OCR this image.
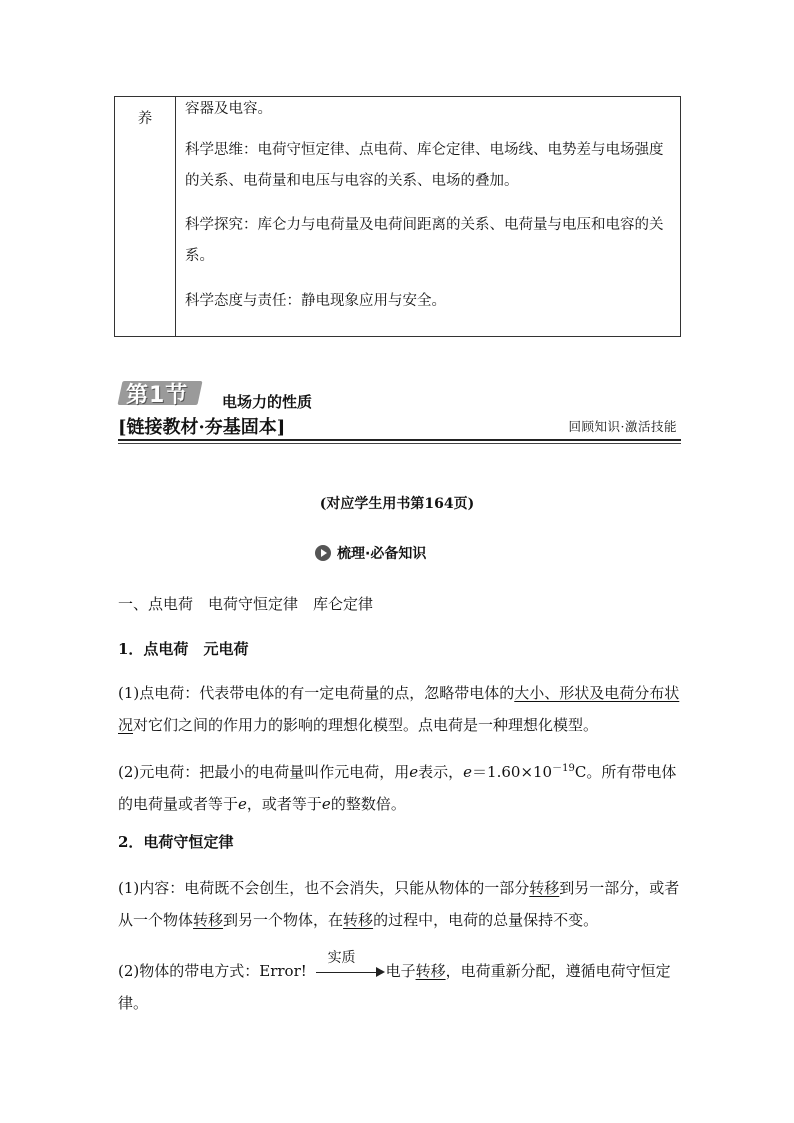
养

容器及电容。

科学思维：电荷守恒定律、点电荷、库仑定律、电场线、电势差与电场强度的关系、电荷量和电压与电容的关系、电场的叠加。

科学探究：库仑力与电荷量及电荷间距离的关系、电荷量与电压和电容的关系。

科学态度与责任：静电现象应用与安全。

第1节 电场力的性质
[链接教材·夯基固本]	回顾知识·激活技能
(对应学生用书第164页)
梳理·必备知识
一、点电荷　电荷守恒定律　库仑定律
1．点电荷　元电荷
(1)点电荷：代表带电体的有一定电荷量的点，忽略带电体的大小、形状及电荷分布状况对它们之间的作用力的影响的理想化模型。点电荷是一种理想化模型。
(2)元电荷：把最小的电荷量叫作元电荷，用e表示，$e=1.60\times 10^{-19}C$。所有带电体的电荷量或者等于e，或者等于e的整数倍。
2．电荷守恒定律
(1)内容：电荷既不会创生，也不会消失，只能从物体的一部分转移到另一部分，或者从一个物体转移到另一个物体，在转移的过程中，电荷的总量保持不变。
(2)物体的带电方式：Error!
实质
电子转移，电荷重新分配，遵循电荷守恒定律。
